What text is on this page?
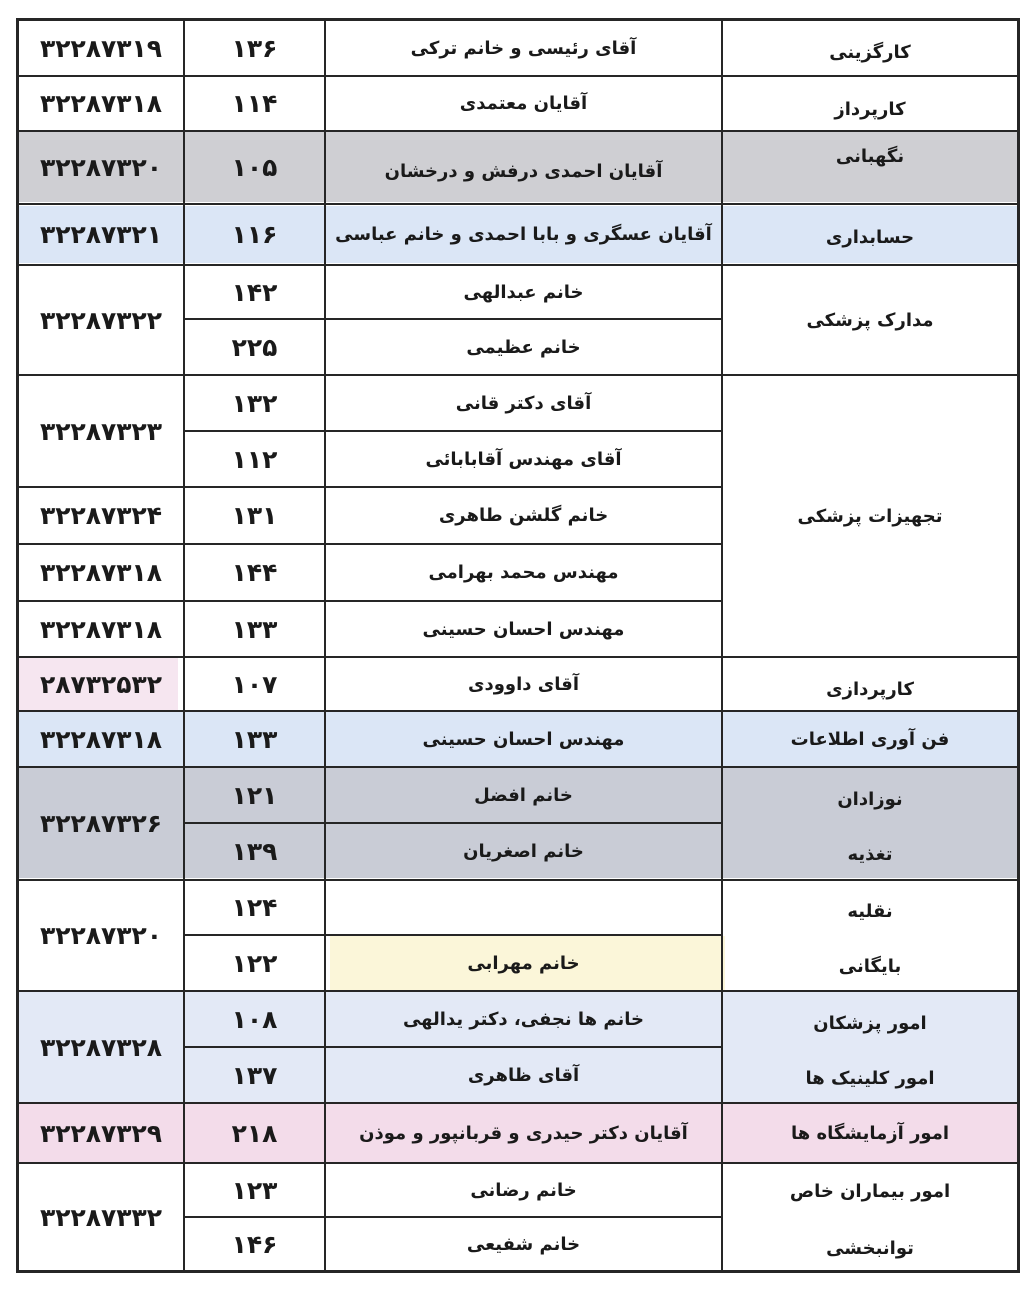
کارگزینی
آقای رئیسی و خانم ترکی
۱۳۶
۳۲۲۸۷۳۱۹
کارپرداز
آقایان معتمدی
۱۱۴
۳۲۲۸۷۳۱۸
نگهبانی
آقایان احمدی درفش و درخشان
۱۰۵
۳۲۲۸۷۳۲۰
حسابداری
آقایان عسگری و بابا احمدی و خانم عباسی
۱۱۶
۳۲۲۸۷۳۲۱
مدارک پزشکی
خانم عبدالهی
۱۴۲
۳۲۲۸۷۳۲۲
خانم عظیمی
۲۲۵
تجهیزات پزشکی
آقای دکتر قانی
۱۳۲
۳۲۲۸۷۳۲۳
آقای مهندس آقابابائی
۱۱۲
خانم گلشن طاهری
۱۳۱
۳۲۲۸۷۳۲۴
مهندس محمد بهرامی
۱۴۴
۳۲۲۸۷۳۱۸
مهندس احسان حسینی
۱۳۳
۳۲۲۸۷۳۱۸
کارپردازی
آقای داوودی
۱۰۷
۲۸۷۳۲۵۳۲
فن آوری اطلاعات
مهندس احسان حسینی
۱۳۳
۳۲۲۸۷۳۱۸
نوزادان
خانم افضل
۱۲۱
۳۲۲۸۷۳۲۶
تغذیه
خانم اصغریان
۱۳۹
نقلیه
۱۲۴
۳۲۲۸۷۳۲۰
بایگانی
خانم مهرابی
۱۲۲
امور پزشکان
خانم ها نجفی، دکتر یدالهی
۱۰۸
۳۲۲۸۷۳۲۸
امور کلینیک ها
آقای ظاهری
۱۳۷
امور آزمایشگاه ها
آقایان دکتر حیدری و قربانپور و موذن
۲۱۸
۳۲۲۸۷۳۲۹
امور بیماران خاص
خانم رضانی
۱۲۳
۳۲۲۸۷۳۳۲
توانبخشی
خانم شفیعی
۱۴۶
